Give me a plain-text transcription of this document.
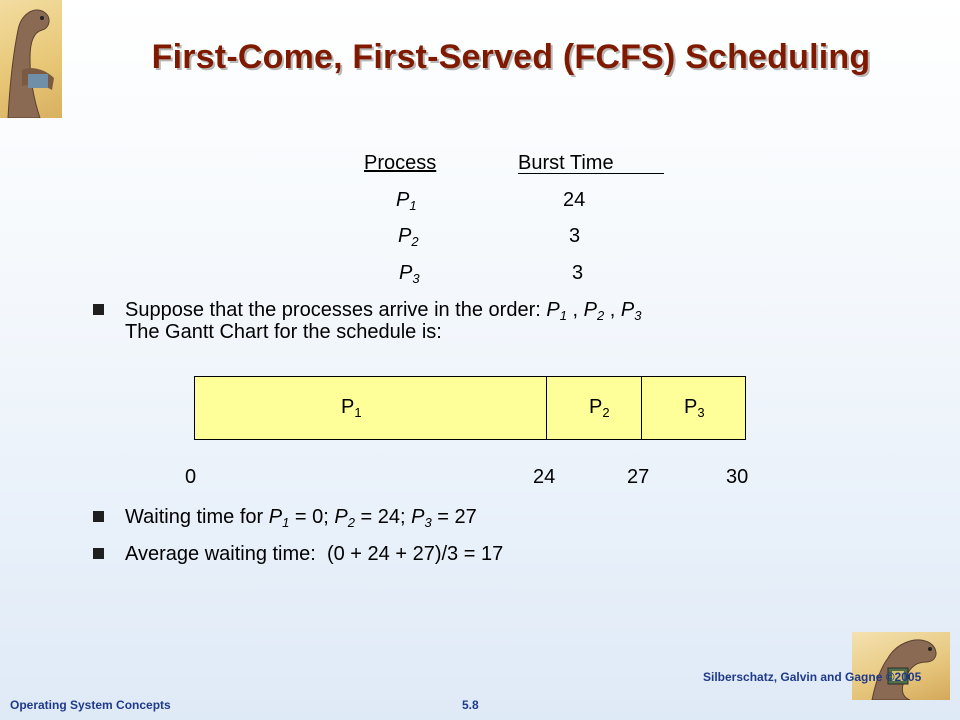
First-Come, First-Served (FCFS) Scheduling
Process	Burst Time
$P_1$	24
$P_2$	3
$P_3$	3
Suppose that the processes arrive in the order: $P_1$ , $P_2$ , $P_3$
The Gantt Chart for the schedule is:
$P_1$	$P_2$	$P_3$
0	24	27	30
Waiting time for $P_1 = 0$; $P_2 = 24$; $P_3 = 27$
Average waiting time:  (0 + 24 + 27)/3 = 17
Operating System Concepts	5.8
Silberschatz, Galvin and Gagne ©2005
